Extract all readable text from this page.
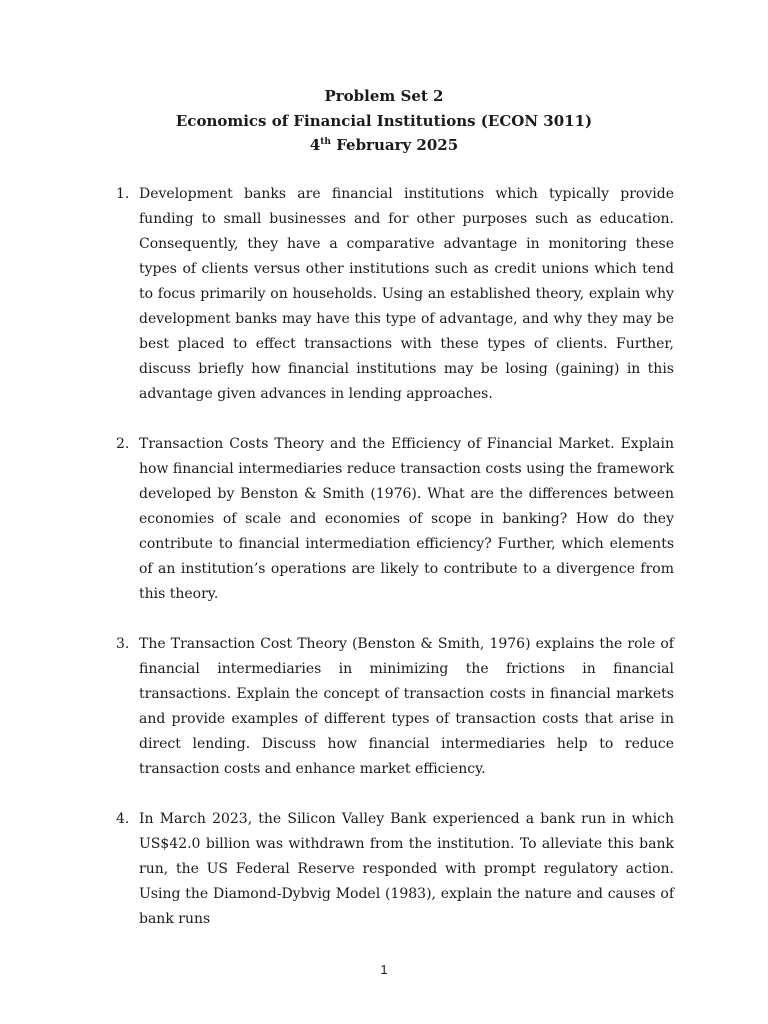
Problem Set 2
Economics of Financial Institutions (ECON 3011)
4th February 2025
1. Development banks are financial institutions which typically provide funding to small businesses and for other purposes such as education. Consequently, they have a comparative advantage in monitoring these types of clients versus other institutions such as credit unions which tend to focus primarily on households. Using an established theory, explain why development banks may have this type of advantage, and why they may be best placed to effect transactions with these types of clients. Further, discuss briefly how financial institutions may be losing (gaining) in this advantage given advances in lending approaches.
2. Transaction Costs Theory and the Efficiency of Financial Market. Explain how financial intermediaries reduce transaction costs using the framework developed by Benston & Smith (1976). What are the differences between economies of scale and economies of scope in banking? How do they contribute to financial intermediation efficiency? Further, which elements of an institution’s operations are likely to contribute to a divergence from this theory.
3. The Transaction Cost Theory (Benston & Smith, 1976) explains the role of financial intermediaries in minimizing the frictions in financial transactions. Explain the concept of transaction costs in financial markets and provide examples of different types of transaction costs that arise in direct lending. Discuss how financial intermediaries help to reduce transaction costs and enhance market efficiency.
4. In March 2023, the Silicon Valley Bank experienced a bank run in which US$42.0 billion was withdrawn from the institution. To alleviate this bank run, the US Federal Reserve responded with prompt regulatory action. Using the Diamond-Dybvig Model (1983), explain the nature and causes of bank runs
1
